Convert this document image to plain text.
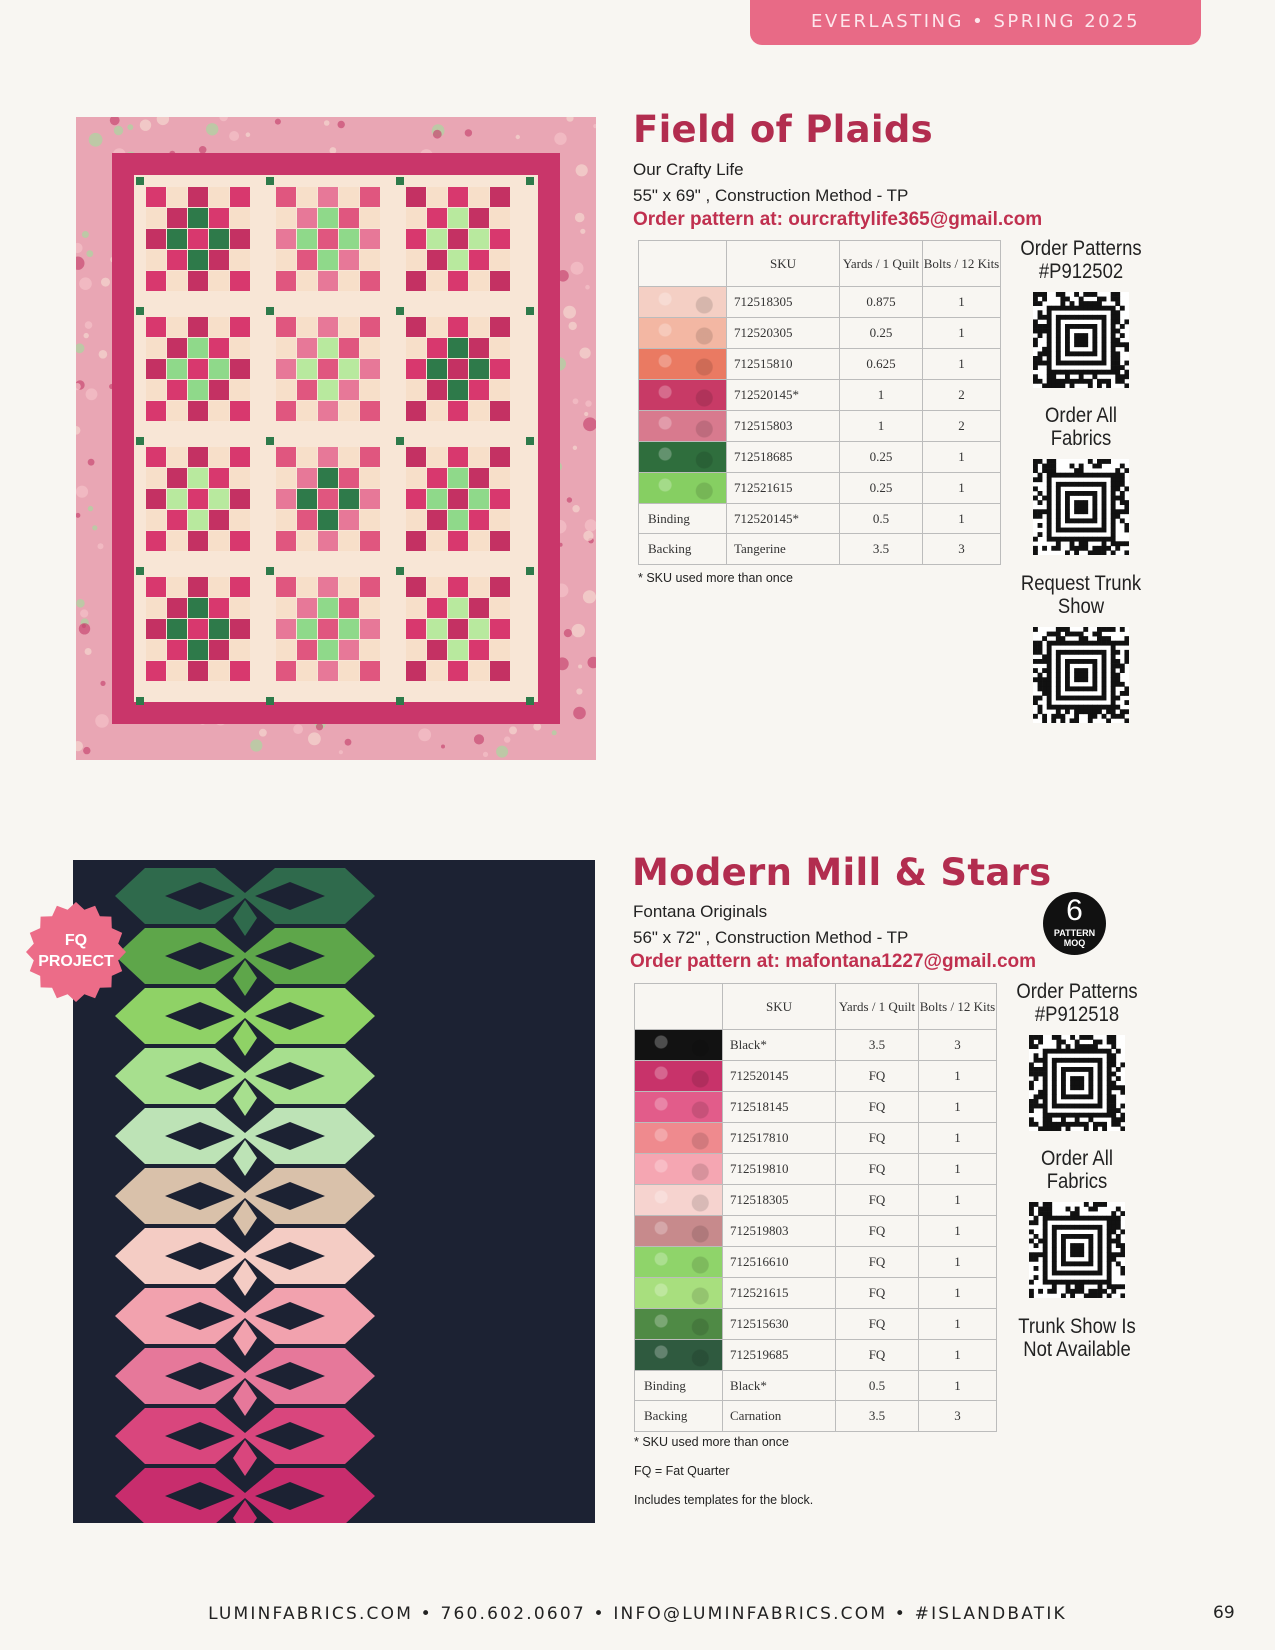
EVERLASTING • SPRING 2025
Field of Plaids
Our Crafty Life
55" x 69" , Construction Method - TP
Order pattern at: ourcraftylife365@gmail.com
	SKU	Yards / 1 Quilt	Bolts / 12 Kits

	712518305	0.875	1

	712520305	0.25	1

	712515810	0.625	1

	712520145*	1	2

	712515803	1	2

	712518685	0.25	1

	712521615	0.25	1
Binding	712520145*	0.5	1
Backing	Tangerine	3.5	3
* SKU used more than once
Order Patterns #P912502
Order All Fabrics
Request Trunk Show
FQ PROJECT
Modern Mill & Stars
Fontana Originals
56" x 72" , Construction Method - TP
Order pattern at: mafontana1227@gmail.com
6
PATTERN MOQ
	SKU	Yards / 1 Quilt	Bolts / 12 Kits

	Black*	3.5	3

	712520145	FQ	1

	712518145	FQ	1

	712517810	FQ	1

	712519810	FQ	1

	712518305	FQ	1

	712519803	FQ	1

	712516610	FQ	1

	712521615	FQ	1

	712515630	FQ	1

	712519685	FQ	1
Binding	Black*	0.5	1
Backing	Carnation	3.5	3
* SKU used more than once
FQ = Fat Quarter
Includes templates for the block.
Order Patterns #P912518
Order All Fabrics
Trunk Show Is Not Available
LUMINFABRICS.COM • 760.602.0607 • INFO@LUMINFABRICS.COM • #ISLANDBATIK	69
